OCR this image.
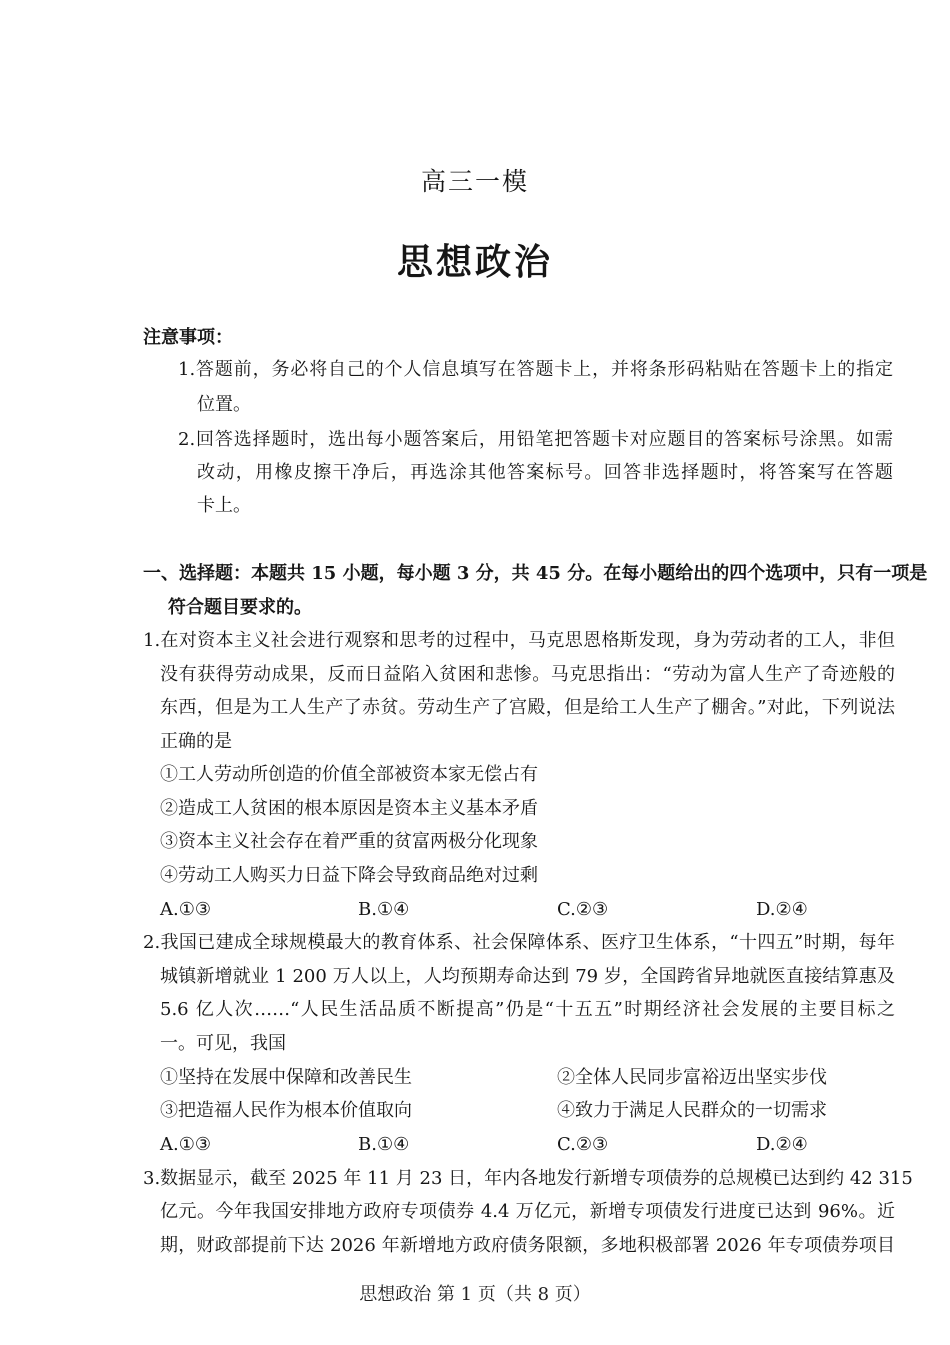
高三一模
思想政治
注意事项：
1.答题前，务必将自己的个人信息填写在答题卡上，并将条形码粘贴在答题卡上的指定
位置。
2.回答选择题时，选出每小题答案后，用铅笔把答题卡对应题目的答案标号涂黑。如需
改动，用橡皮擦干净后，再选涂其他答案标号。回答非选择题时，将答案写在答题
卡上。
一、选择题：本题共 15 小题，每小题 3 分，共 45 分。在每小题给出的四个选项中，只有一项是
符合题目要求的。
1.在对资本主义社会进行观察和思考的过程中，马克思恩格斯发现，身为劳动者的工人，非但
没有获得劳动成果，反而日益陷入贫困和悲惨。马克思指出：“劳动为富人生产了奇迹般的
东西，但是为工人生产了赤贫。劳动生产了宫殿，但是给工人生产了棚舍。”对此，下列说法
正确的是
①工人劳动所创造的价值全部被资本家无偿占有
②造成工人贫困的根本原因是资本主义基本矛盾
③资本主义社会存在着严重的贫富两极分化现象
④劳动工人购买力日益下降会导致商品绝对过剩
A.①③	B.①④	C.②③	D.②④
2.我国已建成全球规模最大的教育体系、社会保障体系、医疗卫生体系，“十四五”时期，每年
城镇新增就业 1 200 万人以上，人均预期寿命达到 79 岁，全国跨省异地就医直接结算惠及
5.6 亿人次……“人民生活品质不断提高”仍是“十五五”时期经济社会发展的主要目标之
一。可见，我国
①坚持在发展中保障和改善民生	②全体人民同步富裕迈出坚实步伐
③把造福人民作为根本价值取向	④致力于满足人民群众的一切需求
A.①③	B.①④	C.②③	D.②④
3.数据显示，截至 2025 年 11 月 23 日，年内各地发行新增专项债券的总规模已达到约 42 315
亿元。今年我国安排地方政府专项债券 4.4 万亿元，新增专项债发行进度已达到 96%。近
期，财政部提前下达 2026 年新增地方政府债务限额，多地积极部署 2026 年专项债券项目
思想政治 第 1 页（共 8 页）
